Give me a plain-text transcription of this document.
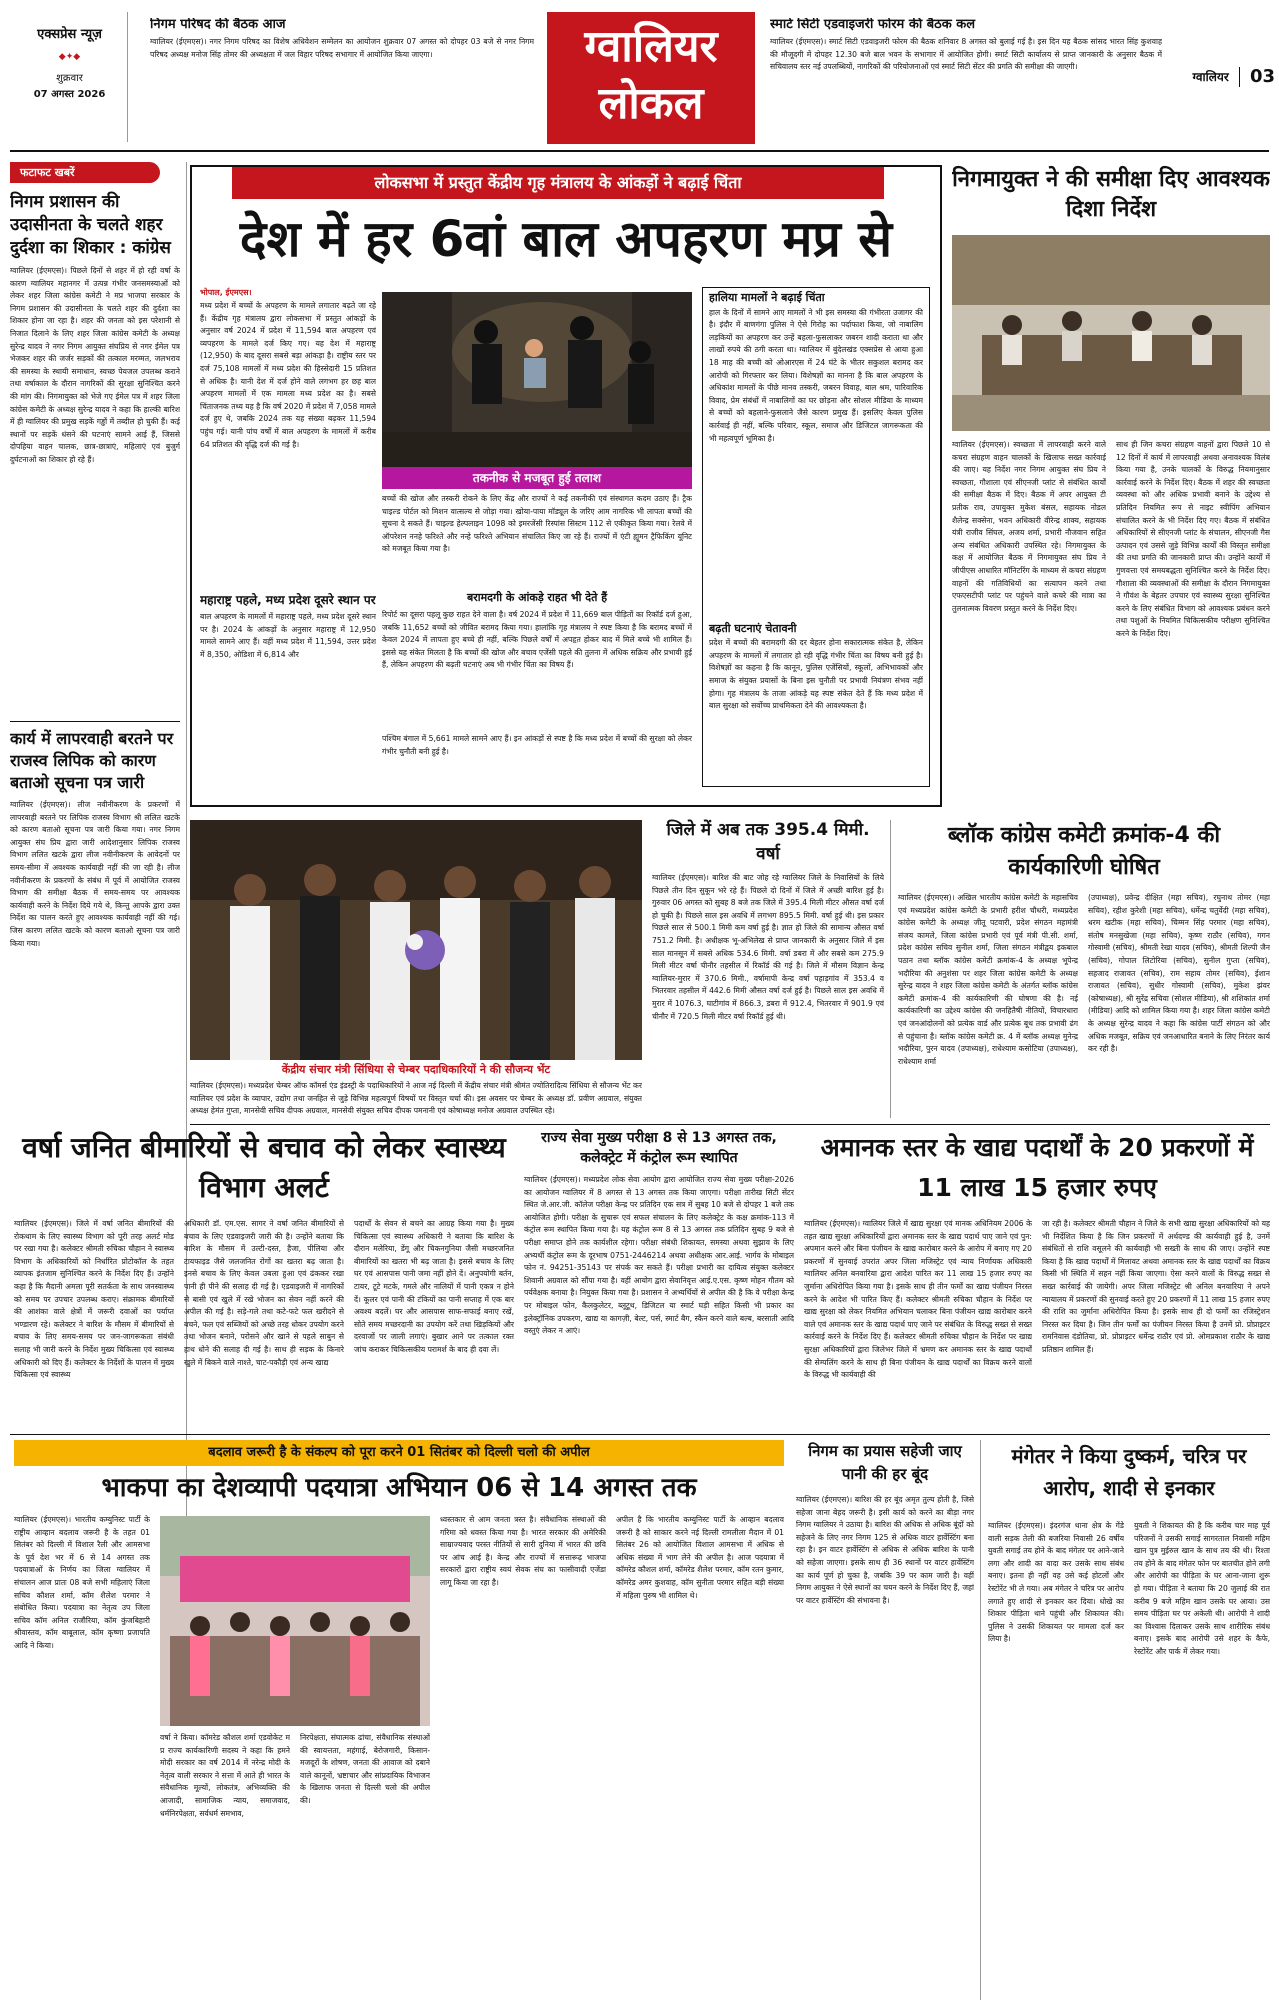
एक्सप्रेस न्यूज़
◆✦◆
शुक्रवार
07 अगस्त 2026
निगम परिषद की बैठक आज
ग्वालियर (ईएमएस)। नगर निगम परिषद का विशेष अधिवेशन सम्मेलन का आयोजन शुक्रवार 07 अगस्त को दोपहर 03 बजे से नगर निगम परिषद अध्यक्ष मनोज सिंह तोमर की अध्यक्षता में जल विहार परिषद सभागार में आयोजित किया जाएगा।	ग्वालियर
लोकल
स्मार्ट सिटी एडवाइजरी फोरम की बैठक कल
ग्वालियर (ईएमएस)। स्मार्ट सिटी एडवाइजरी फोरम की बैठक शनिवार 8 अगस्त को बुलाई गई है। इस दिन यह बैठक सांसद भारत सिंह कुशवाह की मौजूदगी में दोपहर 12.30 बजे बाल भवन के सभागार में आयोजित होगी। स्मार्ट सिटी कार्यालय से प्राप्त जानकारी के अनुसार बैठक में सचिवालय स्तर नई उपलब्धियों, नागरिकों की परियोजनाओं एवं स्मार्ट सिटी सेंटर की प्रगति की समीक्षा की जाएगी।
ग्वालियर 03
फटाफट खबरें
निगम प्रशासन की उदासीनता के चलते शहर दुर्दशा का शिकार : कांग्रेस
ग्वालियर (ईएमएस)। पिछले दिनों से शहर में हो रही वर्षा के कारण ग्वालियर महानगर में उत्पन्न गंभीर जनसमस्याओं को लेकर शहर जिला कांग्रेस कमेटी ने मप्र भाजपा सरकार के निगम प्रशासन की उदासीनता के चलते शहर की दुर्दशा का शिकार होना जा रहा है। शहर की जनता को इस परेशानी से निजात दिलाने के लिए शहर जिला कांग्रेस कमेटी के अध्यक्ष सुरेन्द्र यादव ने नगर निगम आयुक्त संघप्रिय से नगर ईमेल पत्र भेजकर शहर की जर्जर सड़कों की तत्काल मरम्मत, जलभराव की समस्या के स्थायी समाधान, स्वच्छ पेयजल उपलब्ध कराने तथा वर्षाकाल के दौरान नागरिकों की सुरक्षा सुनिश्चित करने की मांग की। निगमायुक्त को भेजे गए ईमेल पत्र में शहर जिला कांग्रेस कमेटी के अध्यक्ष सुरेन्द्र यादव ने कहा कि हाल्की बारिश में ही ग्वालियर की प्रमुख सड़कें गड्ढों में तब्दील हो चुकी हैं। कई स्थानों पर सड़कें धंसने की घटनाएं सामने आई हैं, जिससे दोपहिया वाहन चालक, छात्र-छात्राएं, महिलाएं एवं बुजुर्ग दुर्घटनाओं का शिकार हो रहे हैं।
कार्य में लापरवाही बरतने पर राजस्व लिपिक को कारण बताओ सूचना पत्र जारी
ग्वालियर (ईएमएस)। लीज नवीनीकरण के प्रकरणों में लापरवाही बरतने पर लिपिक राजस्व विभाग श्री ललित खटके को कारण बताओ सूचना पत्र जारी किया गया। नगर निगम आयुक्त संघ प्रिय द्वारा जारी आदेशानुसार लिपिक राजस्व विभाग ललित खटके द्वारा लीज नवीनीकरण के आवेदनों पर समय-सीमा में अवश्यक कार्यवाही नहीं की जा रही है। लीज नवीनीकरण के प्रकरणों के संबंध में पूर्व में आयोजित राजस्व विभाग की समीक्षा बैठक में समय-समय पर आवश्यक कार्यवाही करने के निर्देश दिये गये थे, किन्तु आपके द्वारा उक्त निर्देश का पालन करते हुए आवश्यक कार्यवाही नहीं की गई। जिस कारण ललित खटके को कारण बताओ सूचना पत्र जारी किया गया।
लोकसभा में प्रस्तुत केंद्रीय गृह मंत्रालय के आंकड़ों ने बढ़ाई चिंता
देश में हर 6वां बाल अपहरण मप्र से
भोपाल, ईएमएस।
मध्य प्रदेश में बच्चों के अपहरण के मामले लगातार बढ़ते जा रहे हैं। केंद्रीय गृह मंत्रालय द्वारा लोकसभा में प्रस्तुत आंकड़ों के अनुसार वर्ष 2024 में प्रदेश में 11,594 बाल अपहरण एवं व्यपहरण के मामले दर्ज किए गए। यह देश में महाराष्ट्र (12,950) के बाद दूसरा सबसे बड़ा आंकड़ा है। राष्ट्रीय स्तर पर दर्ज 75,108 मामलों में मध्य प्रदेश की हिस्सेदारी 15 प्रतिशत से अधिक है। यानी देश में दर्ज होने वाले लगभग हर छह बाल अपहरण मामलों में एक मामला मध्य प्रदेश का है। सबसे चिंताजनक तथ्य यह है कि वर्ष 2020 में प्रदेश में 7,058 मामले दर्ज हुए थे, जबकि 2024 तक यह संख्या बढ़कर 11,594 पहुंच गई। यानी पांच वर्षों में बाल अपहरण के मामलों में करीब 64 प्रतिशत की वृद्धि दर्ज की गई है।
महाराष्ट्र पहले, मध्य प्रदेश दूसरे स्थान पर
बाल अपहरण के मामलों में महाराष्ट्र पहले, मध्य प्रदेश दूसरे स्थान पर है। 2024 के आंकड़ों के अनुसार महाराष्ट्र में 12,950 मामले सामने आए हैं। वहीं मध्य प्रदेश में 11,594, उत्तर प्रदेश में 8,350, ओडिशा में 6,814 और
तकनीक से मजबूत हुई तलाश
बच्चों की खोज और तस्करी रोकने के लिए केंद्र और राज्यों ने कई तकनीकी एवं संस्थागत कदम उठाए हैं। ट्रैक चाइल्ड पोर्टल को मिशन वात्सल्य से जोड़ा गया। खोया-पाया मॉड्यूल के जरिए आम नागरिक भी लापता बच्चों की सूचना दे सकते हैं। चाइल्ड हेल्पलाइन 1098 को इमरजेंसी रिस्पांस सिस्टम 112 से एकीकृत किया गया। रेलवे में ऑपरेशन ननहे फरिश्ते और नन्हे फरिश्ते अभियान संचालित किए जा रहे हैं। राज्यों में एंटी ह्यूमन ट्रैफिकिंग यूनिट को मजबूत किया गया है।
बरामदगी के आंकड़े राहत भी देते हैं
रिपोर्ट का दूसरा पहलू कुछ राहत देने वाला है। वर्ष 2024 में प्रदेश में 11,669 बाल पीड़ितों का रिकॉर्ड दर्ज हुआ, जबकि 11,652 बच्चों को जीवित बरामद किया गया। हालांकि गृह मंत्रालय ने स्पष्ट किया है कि बरामद बच्चों में केवल 2024 में लापता हुए बच्चे ही नहीं, बल्कि पिछले वर्षों में अपहृत होकर बाद में मिले बच्चे भी शामिल हैं। इससे यह संकेत मिलता है कि बच्चों की खोज और बचाव एजेंसी पहले की तुलना में अधिक सक्रिय और प्रभावी हुई हैं, लेकिन अपहरण की बढ़ती घटनाएं अब भी गंभीर चिंता का विषय हैं।
पश्चिम बंगाल में 5,661 मामले सामने आए हैं। इन आंकड़ों से स्पष्ट है कि मध्य प्रदेश में बच्चों की सुरक्षा को लेकर गंभीर चुनौती बनी हुई है।
हालिया मामलों ने बढ़ाई चिंता
हाल के दिनों में सामने आए मामलों ने भी इस समस्या की गंभीरता उजागर की है। इंदौर में बाणगंगा पुलिस ने ऐसे गिरोह का पर्दाफाश किया, जो नाबालिग लड़कियों का अपहरण कर उन्हें बहला-फुसलाकर जबरन शादी कराता था और लाखों रुपये की ठगी करता था। ग्वालियर में बुंदेलखंड एक्सप्रेस से आया हुआ 18 माह की बच्ची को ओआरएस में 24 घंटे के भीतर सकुशल बरामद कर आरोपी को गिरफ्तार कर लिया। विशेषज्ञों का मानना है कि बाल अपहरण के अधिकांश मामलों के पीछे मानव तस्करी, जबरन विवाह, बाल श्रम, पारिवारिक विवाद, प्रेम संबंधों में नाबालिगों का घर छोड़ना और सोशल मीडिया के माध्यम से बच्चों को बहलाने-फुसलाने जैसे कारण प्रमुख हैं। इसलिए केवल पुलिस कार्रवाई ही नहीं, बल्कि परिवार, स्कूल, समाज और डिजिटल जागरूकता की भी महत्वपूर्ण भूमिका है।
बढ़ती घटनाएं चेतावनी
प्रदेश में बच्चों की बरामदगी की दर बेहतर होना सकारात्मक संकेत है, लेकिन अपहरण के मामलों में लगातार हो रही वृद्धि गंभीर चिंता का विषय बनी हुई है। विशेषज्ञों का कहना है कि कानून, पुलिस एजेंसियों, स्कूलों, अभिभावकों और समाज के संयुक्त प्रयासों के बिना इस चुनौती पर प्रभावी नियंत्रण संभव नहीं होगा। गृह मंत्रालय के ताजा आंकड़े यह स्पष्ट संकेत देते हैं कि मध्य प्रदेश में बाल सुरक्षा को सर्वोच्च प्राथमिकता देने की आवश्यकता है।
निगमायुक्त ने की समीक्षा दिए आवश्यक दिशा निर्देश
ग्वालियर (ईएमएस)। स्वच्छता में लापरवाही करने वाले कचरा संग्रहण वाहन चालकों के खिलाफ सख्त कार्रवाई की जाए। यह निर्देश नगर निगम आयुक्त संघ प्रिय ने स्वच्छता, गौशाला एवं सीएनजी प्लांट से संबंधित कार्यों की समीक्षा बैठक में दिए। बैठक में अपर आयुक्त टी प्रतीक राव, उपायुक्त मुकेश बंसल, सहायक नोडल शैलेन्द्र सक्सेना, भवन अधिकारी वीरेन्द्र शाक्य, सहायक यंत्री राजीव सिंघल, अजय शर्मा, प्रभारी नौजवान सहित अन्य संबंधित अधिकारी उपस्थित रहे। निगमायुक्त के कक्ष में आयोजित बैठक में निगमायुक्त संघ प्रिय ने जीपीएस आधारित मॉनिटरिंग के माध्यम से कचरा संग्रहण वाहनों की गतिविधियों का सत्यापन करने तथा एफएसटीपी प्लांट पर पहुंचने वाले कचरे की मात्रा का तुलनात्मक विवरण प्रस्तुत करने के निर्देश दिए।
साथ ही जिन कचरा संग्रहण वाहनों द्वारा पिछले 10 से 12 दिनों में कार्य में लापरवाही अथवा अनावश्यक विलंब किया गया है, उनके चालकों के विरुद्ध नियमानुसार कार्रवाई करने के निर्देश दिए। बैठक में शहर की स्वच्छता व्यवस्था को और अधिक प्रभावी बनाने के उद्देश्य से प्रतिदिन नियमित रूप से नाइट स्वीपिंग अभियान संचालित करने के भी निर्देश दिए गए। बैठक में संबंधित अधिकारियों से सीएनजी प्लांट के संचालन, सीएनजी गैस उत्पादन एवं उससे जुड़े विभिन्न कार्यों की विस्तृत समीक्षा की तथा प्रगति की जानकारी प्राप्त की। उन्होंने कार्यों में गुणवत्ता एवं समयबद्धता सुनिश्चित करने के निर्देश दिए। गौशाला की व्यवस्थाओं की समीक्षा के दौरान निगमायुक्त ने गौवंश के बेहतर उपचार एवं स्वास्थ्य सुरक्षा सुनिश्चित करने के लिए संबंधित विभाग को आवश्यक प्रबंधन करने तथा पशुओं के नियमित चिकित्सकीय परीक्षण सुनिश्चित करने के निर्देश दिए।
केंद्रीय संचार मंत्री सिंधिया से चेम्बर पदाधिकारियों ने की सौजन्य भेंट
ग्वालियर (ईएमएस)। मध्यप्रदेश चेम्बर ऑफ कॉमर्स एंड इंडस्ट्री के पदाधिकारियों ने आज नई दिल्ली में केंद्रीय संचार मंत्री श्रीमंत ज्योतिरादित्य सिंधिया से सौजन्य भेंट कर ग्वालियर एवं प्रदेश के व्यापार, उद्योग तथा जनहित से जुड़े विभिन्न महत्वपूर्ण विषयों पर विस्तृत चर्चा की। इस अवसर पर चेम्बर के अध्यक्ष डॉ. प्रवीण अग्रवाल, संयुक्त अध्यक्ष हेमंत गुप्ता, मानसेवी सचिव दीपक अग्रवाल, मानसेवी संयुक्त सचिव दीपक पमनानी एवं कोषाध्यक्ष मनोज अग्रवाल उपस्थित रहे।
जिले में अब तक 395.4 मिमी. वर्षा
ग्वालियर (ईएमएस)। बारिश की बाट जोह रहे ग्वालियर जिले के निवासियों के लिये पिछले तीन दिन सुकून भरे रहे हैं। पिछले दो दिनों में जिले में अच्छी बारिश हुई है। गुरुवार 06 अगस्त को सुबह 8 बजे तक जिले में 395.4 मिली मीटर औसत वर्षा दर्ज हो चुकी है। पिछले साल इस अवधि में लगभग 895.5 मिमी. वर्षा हुई थी। इस प्रकार पिछले साल से 500.1 मिमी कम वर्षा हुई है। ज्ञात हो जिले की सामान्य औसत वर्षा 751.2 मिमी. है। अधीक्षक भू-अभिलेख से प्राप्त जानकारी के अनुसार जिले में इस साल मानसून में सबसे अधिक 534.6 मिमी. वर्षा डबरा में और सबसे कम 275.9 मिली मीटर वर्षा चीनौर तहसील में रिकॉर्ड की गई है। जिले में मौसम विज्ञान केन्द्र ग्वालियर-मुरार में 370.6 मिमी., वर्षामापी केन्द्र वर्षा पहाड़गांव में 353.4 व भितरवार तहसील में 442.6 मिमी औसत वर्षा दर्ज हुई है। पिछले साल इस अवधि में मुरार में 1076.3, घाटीगांव में 866.3, डबरा में 912.4, भितरवार में 901.9 एवं चीनौर में 720.5 मिली मीटर वर्षा रिकॉर्ड हुई थी।
ब्लॉक कांग्रेस कमेटी क्रमांक-4 की कार्यकारिणी घोषित
ग्वालियर (ईएमएस)। अखिल भारतीय कांग्रेस कमेटी के महासचिव एवं मध्यप्रदेश कांग्रेस कमेटी के प्रभारी हरीश चौधरी, मध्यप्रदेश कांग्रेस कमेटी के अध्यक्ष जीतू पटवारी, प्रदेश संगठन महामंत्री संजय कामले, जिला कांग्रेस प्रभारी एवं पूर्व मंत्री पी.सी. शर्मा, प्रदेश कांग्रेस सचिव सुनील शर्मा, जिला संगठन मंत्रीद्वय इकबाल पठान तथा ब्लॉक कांग्रेस कमेटी क्रमांक-4 के अध्यक्ष भूपेन्द्र भदौरिया की अनुशंसा पर शहर जिला कांग्रेस कमेटी के अध्यक्ष सुरेन्द्र यादव ने शहर जिला कांग्रेस कमेटी के अंतर्गत ब्लॉक कांग्रेस कमेटी क्रमांक-4 की कार्यकारिणी की घोषणा की है। नई कार्यकारिणी का उद्देश्य कांग्रेस की जनहितैषी नीतियों, विचारधारा एवं जनआंदोलनों को प्रत्येक वार्ड और प्रत्येक बूथ तक प्रभावी ढंग से पहुंचाना है। ब्लॉक कांग्रेस कमेटी क्र. 4 में ब्लॉक अध्यक्ष मुनेन्द्र भदौरिया, पुरन यादव (उपाध्यक्ष), राधेश्याम कसोटिया (उपाध्यक्ष), राधेश्याम शर्मा
(उपाध्यक्ष), प्रवेन्द्र दीक्षित (महा सचिव), रघुनाथ तोमर (महा सचिव), रहीश कुरेशी (महा सचिव), धर्मेन्द्र चतुर्वेदी (महा सचिव), धरम खटीक (महा सचिव), चिम्मन सिंह परमार (महा सचिव), संतोष मनसुखेजा (महा सचिव), कृष्ण राठौर (सचिव), गगन गोस्वामी (सचिव), श्रीमती रेखा यादव (सचिव), श्रीमती शिल्पी जैन (सचिव), गोपाल लिटोरिया (सचिव), सुनील गुप्ता (सचिव), सहजाद राजावत (सचिव), राम सहाय तोमर (सचिव), ईशान राजावत (सचिव), सुधीर गोस्वामी (सचिव), मुकेश झंवर (कोषाध्यक्ष), श्री सुरेंद्र सचिवा (सोशल मीडिया), श्री शशिकांत शर्मा (मीडिया) आदि को शामिल किया गया है। शहर जिला कांग्रेस कमेटी के अध्यक्ष सुरेन्द्र यादव ने कहा कि कांग्रेस पार्टी संगठन को और अधिक मजबूत, सक्रिय एवं जनआधारित बनाने के लिए निरंतर कार्य कर रही है।
वर्षा जनित बीमारियों से बचाव को लेकर स्वास्थ्य विभाग अलर्ट
ग्वालियर (ईएमएस)। जिले में वर्षा जनित बीमारियों की रोकथाम के लिए स्वास्थ्य विभाग को पूरी तरह अलर्ट मोड पर रखा गया है। कलेक्टर श्रीमती रुचिका चौहान ने स्वास्थ्य विभाग के अधिकारियों को निर्धारित प्रोटोकॉल के तहत व्यापक इंतजाम सुनिश्चित करने के निर्देश दिए हैं। उन्होंने कहा है कि मैदानी अमला पूरी सतर्कता के साथ जनस्वास्थ्य को समय पर उपचार उपलब्ध कराए। संक्रामक बीमारियों की आशंका वाले क्षेत्रों में जरूरी दवाओं का पर्याप्त भण्डारण रहे। कलेक्टर ने बारिश के मौसम में बीमारियों से बचाव के लिए समय-समय पर जन-जागरूकता संबंधी सलाह भी जारी करने के निर्देश मुख्य चिकित्सा एवं स्वास्थ्य अधिकारी को दिए हैं। कलेक्टर के निर्देशों के पालन में मुख्य चिकित्सा एवं स्वास्थ्य
अधिकारी डॉ. एम.एस. सागर ने वर्षा जनित बीमारियों से बचाव के लिए एडवाइजरी जारी की है। उन्होंने बताया कि बारिश के मौसम में उल्टी-दस्त, हैजा, पीलिया और टायफाइड जैसे जलजनित रोगों का खतरा बढ़ जाता है। इनसे बचाव के लिए केवल उबला हुआ एवं ढंककर रखा पानी ही पीने की सलाह दी गई है। एडवाइजरी में नागरिकों से बासी एवं खुले में रखे भोजन का सेवन नहीं करने की अपील की गई है। सड़े-गले तथा कटे-फटे फल खरीदने से बचने, फल एवं सब्जियों को अच्छे तरह धोकर उपयोग करने तथा भोजन बनाने, परोसने और खाने से पहले साबुन से हाथ धोने की सलाह दी गई है। साथ ही सड़क के किनारे खुले में बिकने वाले नाश्ते, चाट-पकौड़ी एवं अन्य खाद्य
पदार्थों के सेवन से बचने का आग्रह किया गया है। मुख्य चिकित्सा एवं स्वास्थ्य अधिकारी ने बताया कि बारिश के दौरान मलेरिया, डेंगू और चिकनगुनिया जैसी मच्छरजनित बीमारियों का खतरा भी बढ़ जाता है। इससे बचाव के लिए घर एवं आसपास पानी जमा नहीं होने दें। अनुपयोगी बर्तन, टायर, टूटे मटके, गमले और नालियों में पानी एकत्र न होने दें। कूलर एवं पानी की टंकियों का पानी सप्ताह में एक बार अवश्य बदलें। घर और आसपास साफ-सफाई बनाए रखें, सोते समय मच्छरदानी का उपयोग करें तथा खिड़कियों और दरवाजों पर जाली लगाएं। बुखार आने पर तत्काल रक्त जांच कराकर चिकित्सकीय परामर्श के बाद ही दवा लें।
राज्य सेवा मुख्य परीक्षा 8 से 13 अगस्त तक, कलेक्ट्रेट में कंट्रोल रूम स्थापित
ग्वालियर (ईएमएस)। मध्यप्रदेश लोक सेवा आयोग द्वारा आयोजित राज्य सेवा मुख्य परीक्षा-2026 का आयोजन ग्वालियर में 8 अगस्त से 13 अगस्त तक किया जाएगा। परीक्षा तारीख सिटी सेंटर स्थित जे.आर.जी. कॉलेज परीक्षा केन्द्र पर प्रतिदिन एक सत्र में सुबह 10 बजे से दोपहर 1 बजे तक आयोजित होगी। परीक्षा के सुचारू एवं सफल संचालन के लिए कलेक्ट्रेट के कक्ष क्रमांक-113 में कंट्रोल रूम स्थापित किया गया है। यह कंट्रोल रूम 8 से 13 अगस्त तक प्रतिदिन सुबह 9 बजे से परीक्षा समाप्त होने तक कार्यशील रहेगा। परीक्षा संबंधी शिकायत, समस्या अथवा सुझाव के लिए अभ्यर्थी कंट्रोल रूम के दूरभाष 0751-2446214 अथवा अधीक्षक आर.आई. भार्गव के मोबाइल फोन नं. 94251-35143 पर संपर्क कर सकते हैं। परीक्षा प्रभारी का दायित्व संयुक्त कलेक्टर शिवानी अग्रवाल को सौंपा गया है। वहीं आयोग द्वारा सेवानिवृत्त आई.ए.एस. कृष्ण मोहन गौतम को पर्यवेक्षक बनाया है। नियुक्त किया गया है। प्रशासन ने अभ्यर्थियों से अपील की है कि वे परीक्षा केन्द्र पर मोबाइल फोन, कैलकुलेटर, ब्लूटूथ, डिजिटल या स्मार्ट घड़ी सहित किसी भी प्रकार का इलेक्ट्रॉनिक उपकरण, खाद्य या कागज़ी, बेल्ट, पर्स, स्मार्ट बैग, स्कैन करने वाले बल्ब, बरसाती आदि वस्तुएं लेकर न आएं।
अमानक स्तर के खाद्य पदार्थों के 20 प्रकरणों में 11 लाख 15 हजार रुपए
ग्वालियर (ईएमएस)। ग्वालियर जिले में खाद्य सुरक्षा एवं मानक अधिनियम 2006 के तहत खाद्य सुरक्षा अधिकारियों द्वारा अमानक स्तर के खाद्य पदार्थ पाए जाने एवं पुन: अपमान करने और बिना पंजीयन के खाद्य कारोबार करने के आरोप में बनाए गए 20 प्रकरणों में सुनवाई उपरांत अपर जिला मजिस्ट्रेट एवं न्याय निर्णायक अधिकारी ग्वालियर अनिल बनवारिया द्वारा आदेश पारित कर 11 लाख 15 हजार रुपए का जुर्माना अधिरोपित किया गया है। इसके साथ ही तीन फर्मों का खाद्य पंजीयन निरस्त करने के आदेश भी पारित किए हैं। कलेक्टर श्रीमती रुचिका चौहान के निर्देश पर खाद्य सुरक्षा को लेकर नियमित अभियान चलाकर बिना पंजीयन खाद्य कारोबार करने वाले एवं अमानक स्तर के खाद्य पदार्थ पाए जाने पर संबंधित के विरुद्ध सख्त से सख्त कार्रवाई करने के निर्देश दिए हैं। कलेक्टर श्रीमती रुचिका चौहान के निर्देश पर खाद्य सुरक्षा अधिकारियों द्वारा जिलेभर जिले में भ्रमण कर अमानक स्तर के खाद्य पदार्थों की सेम्पलिंग करने के साथ ही बिना पंजीयन के खाद्य पदार्थों का विक्रय करने वालों के विरुद्ध भी कार्यवाही की
जा रही है। कलेक्टर श्रीमती चौहान ने जिले के सभी खाद्य सुरक्षा अधिकारियों को यह भी निर्देशित किया है कि जिन प्रकरणों में अर्थदण्ड की कार्यवाही हुई है, उनमें संबंधितों से राशि वसूलने की कार्यवाही भी सख्ती के साथ की जाए। उन्होंने स्पष्ट किया है कि खाद्य पदार्थों में मिलावट अथवा अमानक स्तर के खाद्य पदार्थों का विक्रय किसी भी स्थिति में सहन नहीं किया जाएगा। ऐसा करने वालों के विरुद्ध सख्त से सख्त कार्रवाई की जायेगी। अपर जिला मजिस्ट्रेट श्री अनिल बनवारिया ने अपने न्यायालय में प्रकरणों की सुनवाई करते हुए 20 प्रकरणों में 11 लाख 15 हजार रुपए की राशि का जुर्माना अधिरोपित किया है। इसके साथ ही दो फर्मों का रजिस्ट्रेशन निरस्त कर दिया है। जिन तीन फर्मों का पंजीयन निरस्त किया है उनमें प्रो. प्रोप्राइटर रामनिवास दंडोतिया, प्रो. प्रोप्राइटर धर्मेन्द्र राठौर एवं प्रो. ओमप्रकाश राठौर के खाद्य प्रतिष्ठान शामिल हैं।
बदलाव जरूरी है के संकल्प को पूरा करने 01 सितंबर को दिल्ली चलो की अपील
भाकपा का देशव्यापी पदयात्रा अभियान 06 से 14 अगस्त तक
ग्वालियर (ईएमएस)। भारतीय कम्युनिस्ट पार्टी के राष्ट्रीय आव्हान बदलाव जरूरी है के तहत 01 सितंबर को दिल्ली में विशाल रैली और आमसभा के पूर्व देश भर में 6 से 14 अगस्त तक पदयात्राओं के निर्णय का जिला ग्वालियर में संचालन आज प्रातः 08 बजे सभी महिलाएं जिला सचिव कौशल शर्मा, कॉम शैलेश परमार ने संबोधित किया। पदयात्रा का नेतृत्व उप जिला सचिव कॉम अनिल राजौरिया, कॉम कुंजबिहारी श्रीवास्तव, कॉम बाबूलाल, कॉम कृष्णा प्रजापति आदि ने किया।
वर्षा ने किया। कॉमरेड कौशल शर्मा एडवोकेट म प्र राज्य कार्यकारिणी सदस्य ने कहा कि हमने मोदी सरकार का वर्ष 2014 में नरेन्द्र मोदी के नेतृत्व वाली सरकार ने सत्ता में आते ही भारत के संवैधानिक मूल्यों, लोकतंत्र, अभिव्यक्ति की आजादी, सामाजिक न्याय, समाजवाद, धर्मनिरपेक्षता, सर्वधर्म समभाव,
निरपेक्षता, संघात्मक ढांचा, संवैधानिक संस्थाओं की स्वायत्तता, महंगाई, बेरोजगारी, किसान-मजदूरों के शोषण, जनता की आवाज को दबाने वाले कानूनों, भ्रष्टाचार और सांप्रदायिक विभाजन के खिलाफ जनता से दिल्ली चलो की अपील की।
ध्वस्तकार से आम जनता त्रस्त है। संवैधानिक संस्थाओं की गरिमा को धवस्त किया गया है। भारत सरकार की अमेरिकी साम्राज्यवाद परस्त नीतियों से सारी दुनिया में भारत की छवि पर आंच आई है। केन्द्र और राज्यों में सत्तारूढ़ भाजपा सरकारों द्वारा राष्ट्रीय स्वयं सेवक संघ का फासीवादी एजेंडा लागू किया जा रहा है।
अपील है कि भारतीय कम्युनिस्ट पार्टी के आव्हान बदलाव जरूरी है को साकार करने नई दिल्ली रामलीला मैदान में 01 सितंबर 26 को आयोजित विशाल आमसभा में अधिक से अधिक संख्या में भाग लेने की अपील है। आज पदयात्रा में कॉमरेड कौशल शर्मा, कॉमरेड शैलेश परमार, कॉम रतन कुमार, कॉमरेड अमर कुशवाह, कॉम सुनीता परमार सहित बड़ी संख्या में महिला पुरुष भी शामिल थे।
निगम का प्रयास सहेजी जाए पानी की हर बूंद
ग्वालियर (ईएमएस)। बारिश की हर बूंद अमृत तुल्य होती है, जिसे सहेजा जाना बेहद जरूरी है। इसी कार्य को करने का बीड़ा नगर निगम ग्वालियर ने उठाया है। बारिश की अधिक से अधिक बूंदों को सहेजने के लिए नगर निगम 125 से अधिक वाटर हार्वेस्टिंग बना रहा है। इन वाटर हार्वेस्टिंग से अधिक से अधिक बारिश के पानी को सहेजा जाएगा। इसके साथ ही 36 स्थानों पर वाटर हार्वेस्टिंग का कार्य पूर्ण हो चुका है, जबकि 39 पर काम जारी है। वहीं निगम आयुक्त ने ऐसे स्थानों का चयन करने के निर्देश दिए हैं, जहां पर वाटर हार्वेस्टिंग की संभावना है।
मंगेतर ने किया दुष्कर्म, चरित्र पर आरोप, शादी से इनकार
ग्वालियर (ईएमएस)। इंदरगंज थाना क्षेत्र के गेंडे वाली सड़क तेली की बजरिया निवासी 26 वर्षीय युवती सगाई तय होने के बाद मंगेतर पर आने-जाने लगा और शादी का वादा कर उसके साथ संबंध बनाए। इतना ही नहीं वह उसे कई होटलों और रेस्टोरेंट भी ले गया। अब मंगेतर ने चरित्र पर आरोप लगाते हुए शादी से इनकार कर दिया। धोखे का शिकार पीड़िता थाने पहुंची और शिकायत की। पुलिस ने उसकी शिकायत पर मामला दर्ज कर लिया है।
युवती ने शिकायत की है कि करीब चार माह पूर्व परिजनों ने उसकी सगाई सागरताल निवासी महिम खान पुत्र मुईरुल खान के साथ तय की थी। रिश्ता तय होने के बाद मंगेतर फोन पर बातचीत होने लगी और आरोपी का पीड़िता के घर आना-जाना शुरू हो गया। पीड़िता ने बताया कि 20 जुलाई की रात करीब 9 बजे महिम खान उसके घर आया। उस समय पीड़िता घर पर अकेली थी। आरोपी ने शादी का विश्वास दिलाकर उसके साथ शारीरिक संबंध बनाए। इसके बाद आरोपी उसे शहर के कैफे, रेस्टोरेंट और पार्क में लेकर गया।
